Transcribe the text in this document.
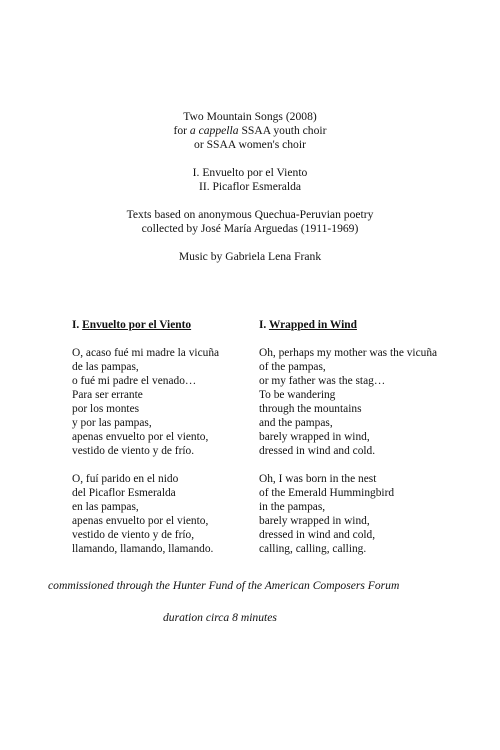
Two Mountain Songs (2008)
for a cappella SSAA youth choir
or SSAA women's choir
I. Envuelto por el Viento
II. Picaflor Esmeralda
Texts based on anonymous Quechua-Peruvian poetry
collected by José María Arguedas (1911-1969)
Music by Gabriela Lena Frank
I. Envuelto por el Viento
O, acaso fué mi madre la vicuña
de las pampas,
o fué mi padre el venado…
Para ser errante
por los montes
y por las pampas,
apenas envuelto por el viento,
vestido de viento y de frío.
O, fuí parido en el nido
del Picaflor Esmeralda
en las pampas,
apenas envuelto por el viento,
vestido de viento y de frío,
llamando, llamando, llamando.
I. Wrapped in Wind
Oh, perhaps my mother was the vicuña
of the pampas,
or my father was the stag…
To be wandering
through the mountains
and the pampas,
barely wrapped in wind,
dressed in wind and cold.
Oh, I was born in the nest
of the Emerald Hummingbird
in the pampas,
barely wrapped in wind,
dressed in wind and cold,
calling, calling, calling.
commissioned through the Hunter Fund of the American Composers Forum
duration circa 8 minutes
